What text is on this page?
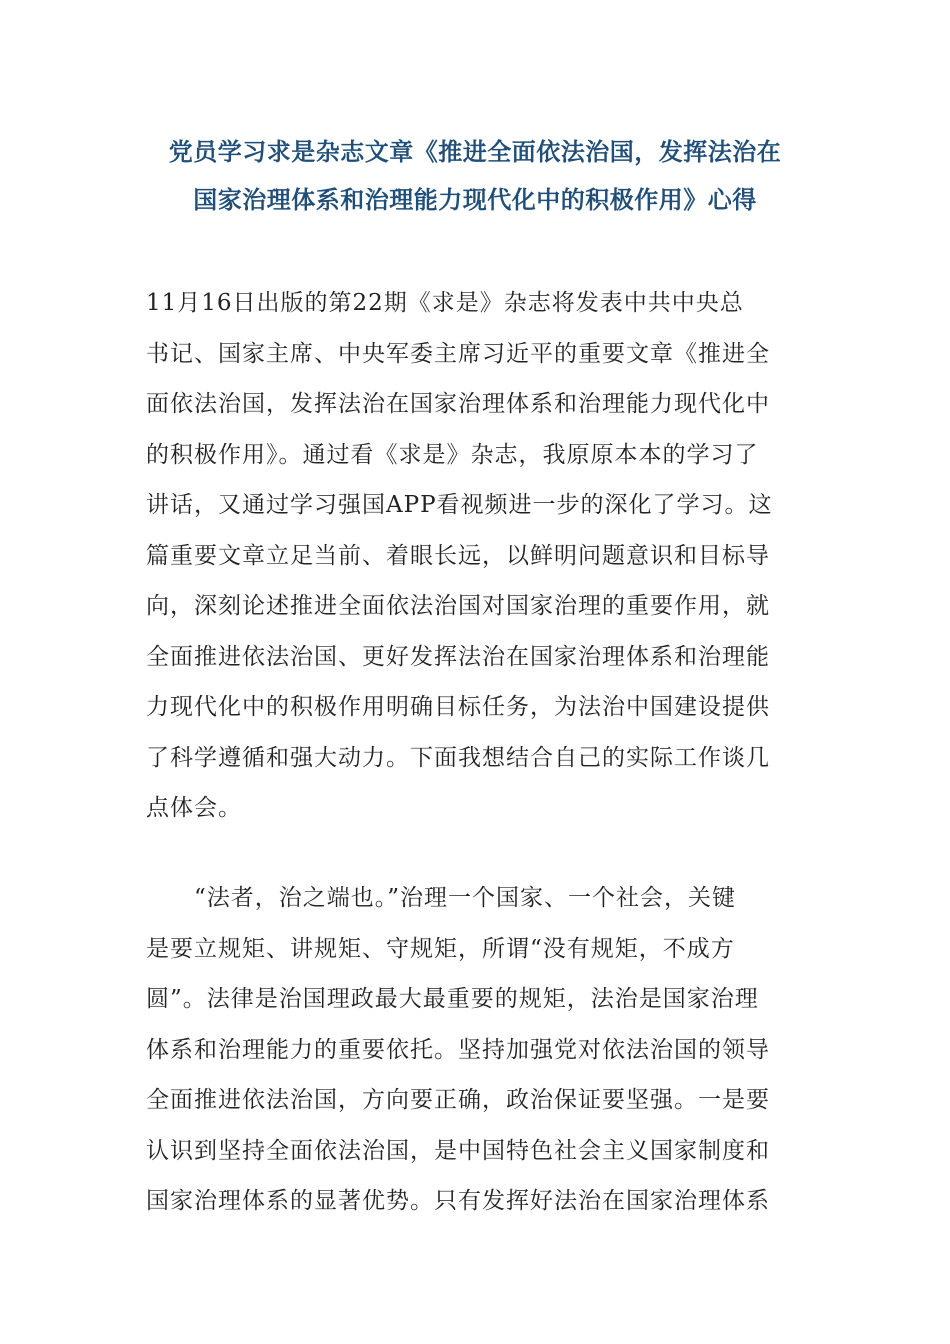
党员学习求是杂志文章《推进全面依法治国，发挥法治在
国家治理体系和治理能力现代化中的积极作用》心得

11月16日出版的第22期《求是》杂志将发表中共中央总
书记、国家主席、中央军委主席习近平的重要文章《推进全
面依法治国，发挥法治在国家治理体系和治理能力现代化中
的积极作用》。通过看《求是》杂志，我原原本本的学习了
讲话，又通过学习强国APP看视频进一步的深化了学习。这
篇重要文章立足当前、着眼长远，以鲜明问题意识和目标导
向，深刻论述推进全面依法治国对国家治理的重要作用，就
全面推进依法治国、更好发挥法治在国家治理体系和治理能
力现代化中的积极作用明确目标任务，为法治中国建设提供
了科学遵循和强大动力。下面我想结合自己的实际工作谈几
点体会。

　　“法者，治之端也。”治理一个国家、一个社会，关键
是要立规矩、讲规矩、守规矩，所谓“没有规矩，不成方
圆”。法律是治国理政最大最重要的规矩，法治是国家治理
体系和治理能力的重要依托。坚持加强党对依法治国的领导
全面推进依法治国，方向要正确，政治保证要坚强。一是要
认识到坚持全面依法治国，是中国特色社会主义国家制度和
国家治理体系的显著优势。只有发挥好法治在国家治理体系
